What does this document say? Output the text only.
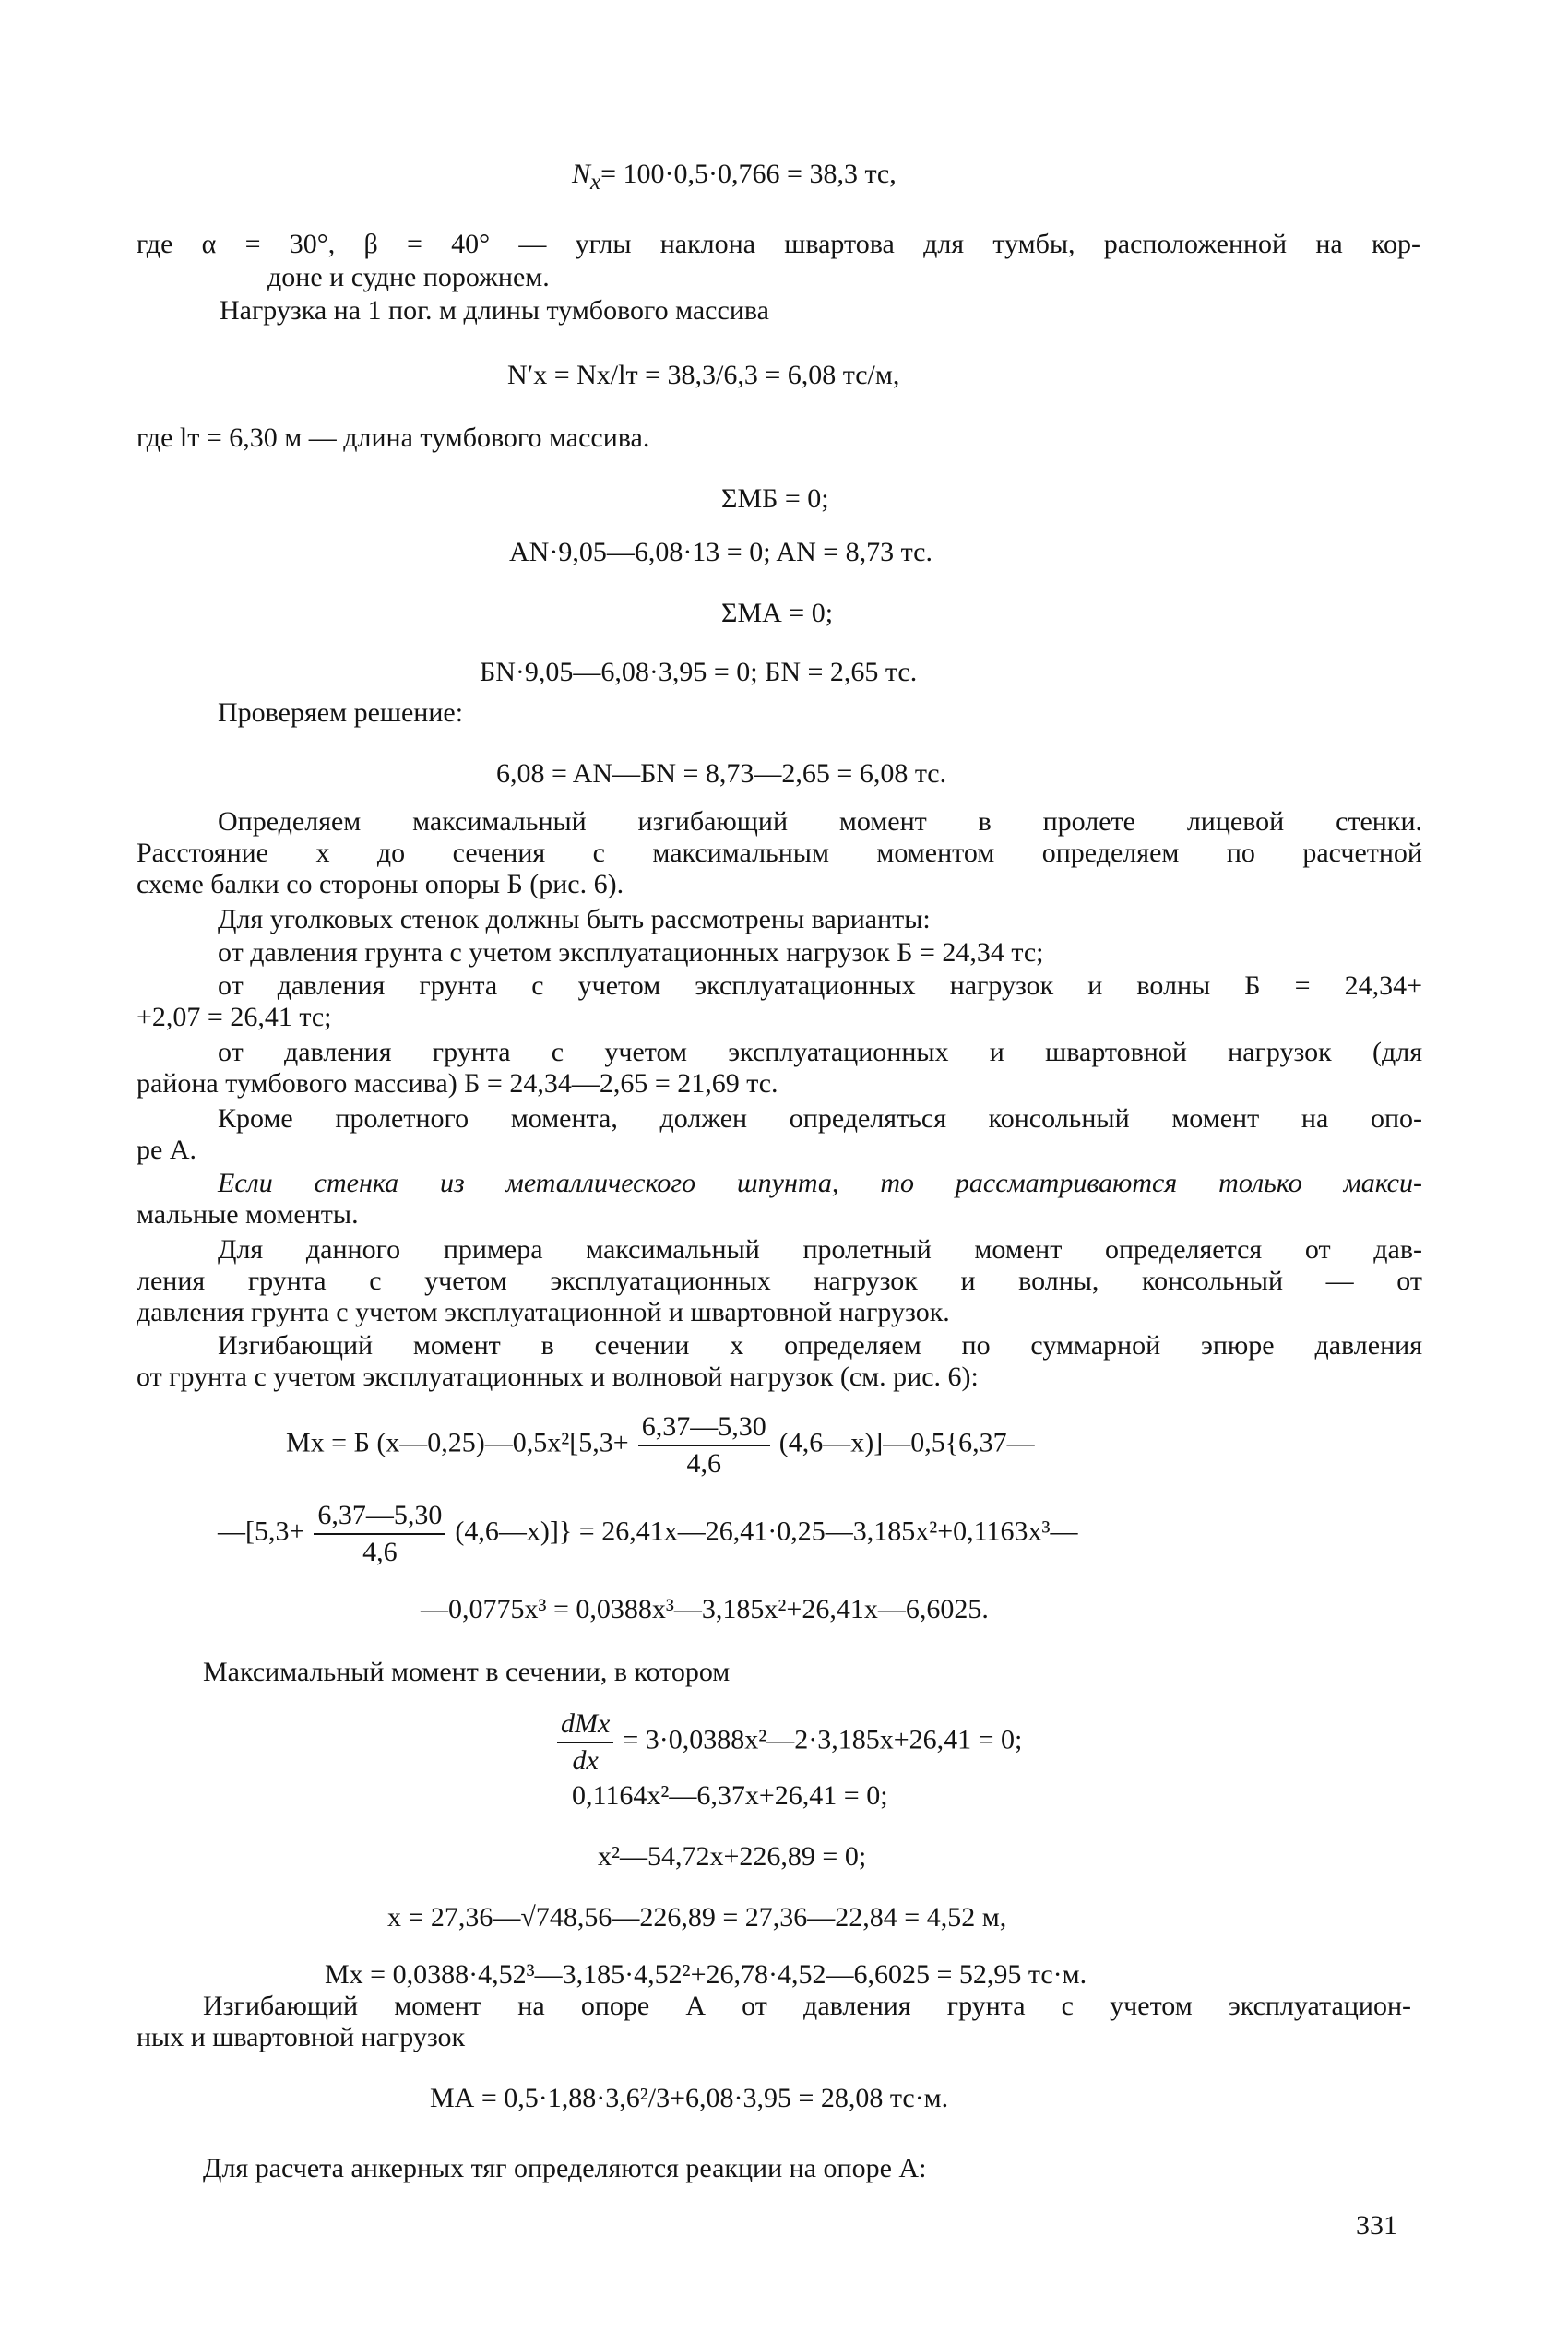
$N_x= 100\cdot 0,5\cdot 0,766 = 38,3$ тс,
где α = 30°, β = 40° — углы наклона швартова для тумбы, расположенной на кор-
доне и судне порожнем.
Нагрузка на 1 пог. м длины тумбового массива
N′x = Nx/lт = 38,3/6,3 = 6,08 тс/м,
где lт = 6,30 м — длина тумбового массива.
ΣMБ = 0;
AN·9,05—6,08·13 = 0; AN = 8,73 тс.
ΣMА = 0;
БN·9,05—6,08·3,95 = 0; БN = 2,65 тс.
Проверяем решение:
6,08 = AN—БN = 8,73—2,65 = 6,08 тс.
Определяем максимальный изгибающий момент в пролете лицевой стенки.
Расстояние x до сечения с максимальным моментом определяем по расчетной
схеме балки со стороны опоры Б (рис. 6).
Для уголковых стенок должны быть рассмотрены варианты:
от давления грунта с учетом эксплуатационных нагрузок Б = 24,34 тс;
от давления грунта с учетом эксплуатационных нагрузок и волны Б = 24,34+
+2,07 = 26,41 тс;
от давления грунта с учетом эксплуатационных и швартовной нагрузок (для
района тумбового массива) Б = 24,34—2,65 = 21,69 тс.
Кроме пролетного момента, должен определяться консольный момент на опо-
ре А.
Если стенка из металлического шпунта, то рассматриваются только макси-
мальные моменты.
Для данного примера максимальный пролетный момент определяется от дав-
ления грунта с учетом эксплуатационных нагрузок и волны, консольный — от
давления грунта с учетом эксплуатационной и швартовной нагрузок.
Изгибающий момент в сечении x определяем по суммарной эпюре давления
от грунта с учетом эксплуатационных и волновой нагрузок (см. рис. 6):
Mx = Б (x—0,25)—0,5x²[5,3+ $\frac{6,37—5,30}{4,6}$ (4,6—x)]—0,5{6,37—
—[5,3+ $\frac{6,37—5,30}{4,6}$ (4,6—x)]} = 26,41x—26,41·0,25—3,185x²+0,1163x³—
—0,0775x³ = 0,0388x³—3,185x²+26,41x—6,6025.
Максимальный момент в сечении, в котором
$\frac{\text{dMx}}{dx}$ = 3·0,0388x²—2·3,185x+26,41 = 0;
0,1164x²—6,37x+26,41 = 0;
x²—54,72x+226,89 = 0;
x = 27,36—√748,56—226,89 = 27,36—22,84 = 4,52 м,
Mx = 0,0388·4,52³—3,185·4,52²+26,78·4,52—6,6025 = 52,95 тс·м.
Изгибающий момент на опоре А от давления грунта с учетом эксплуатацион-
ных и швартовной нагрузок
MА = 0,5·1,88·3,6²/3+6,08·3,95 = 28,08 тс·м.
Для расчета анкерных тяг определяются реакции на опоре А:
331
